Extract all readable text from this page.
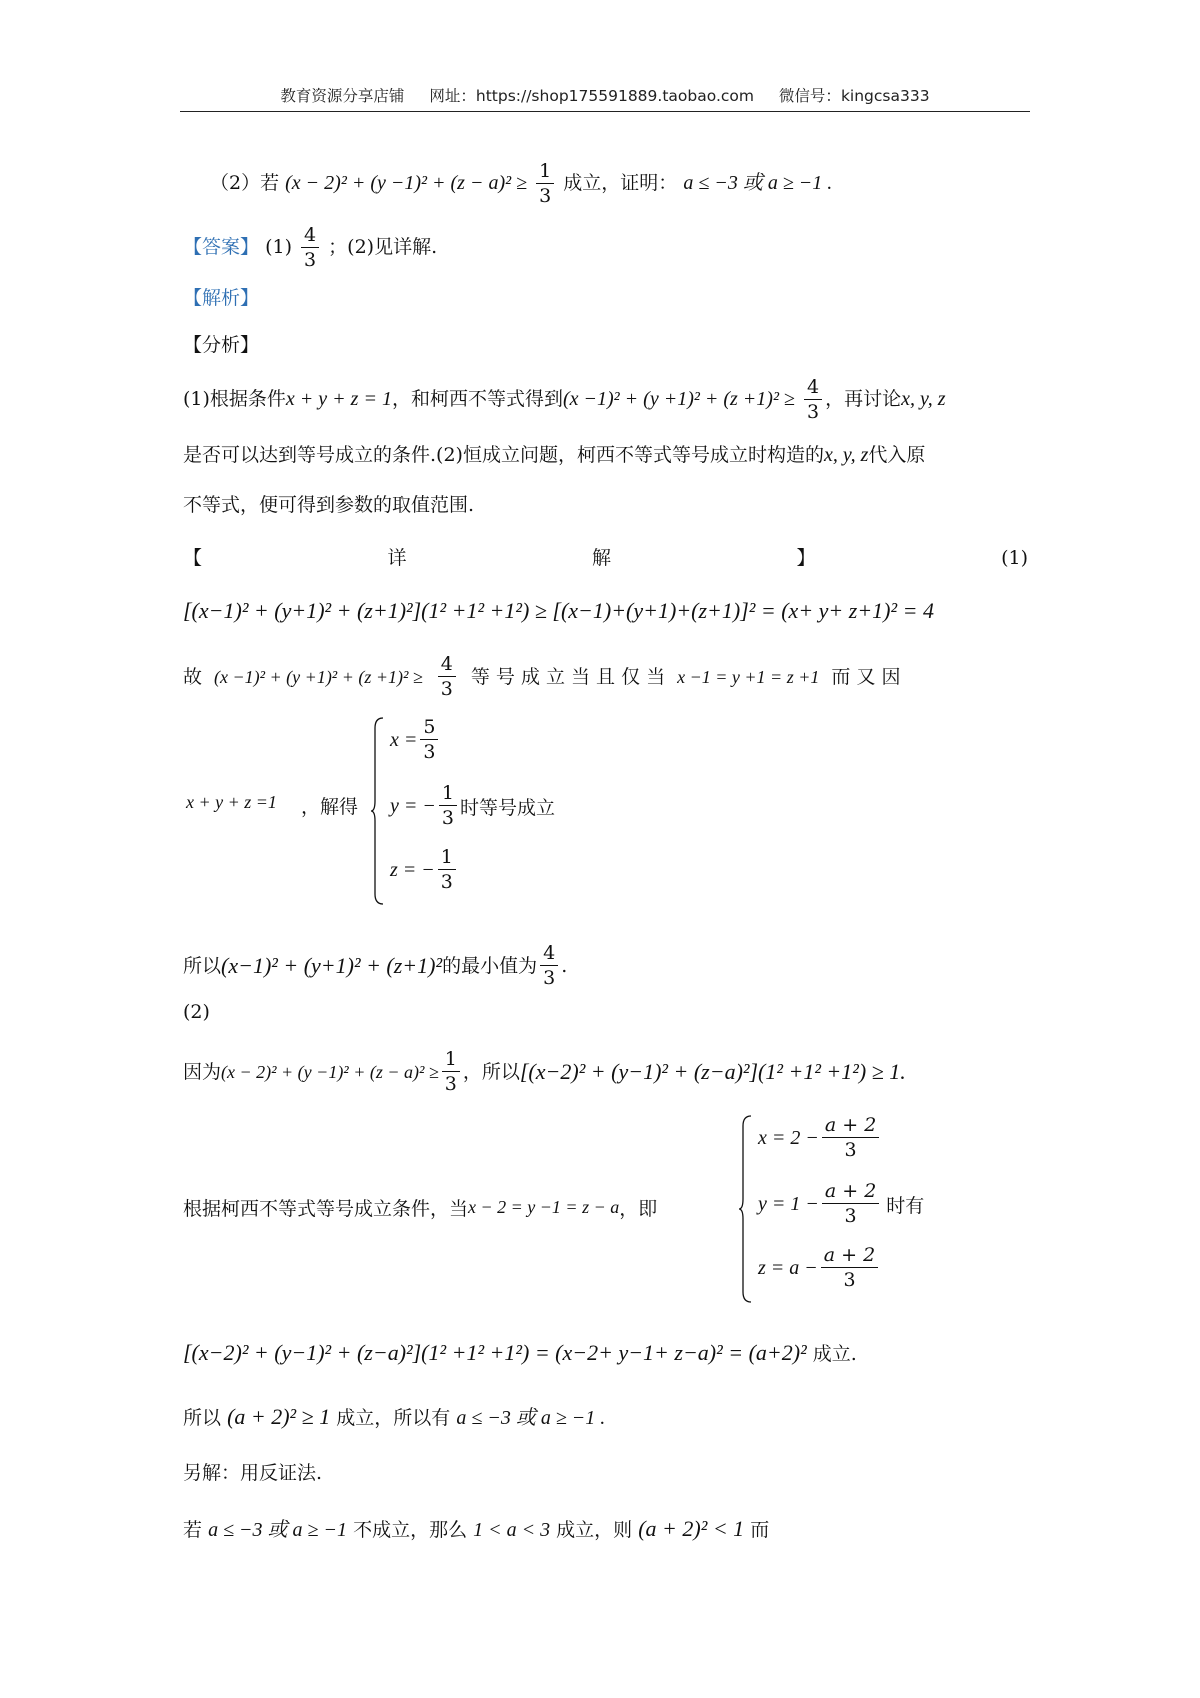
教育资源分享店铺 网址：https://shop175591889.taobao.com 微信号：kingcsa333
（2）若 $(x - 2)^2 + (y -1)^2 + (z - a)^2 \ge \frac{1}{3}$ 成立，证明： a ≤ −3 或 a ≥ −1 .
【答案】 $(1) \frac{4}{3}$ ；(2)见详解.
【解析】
【分析】
(1)根据条件x + y + z = 1，和柯西不等式得到$(x -1)^2 + (y +1)^2 + (z +1)^2 \ge \frac{4}{3}$ ，再讨论x, y, z
是否可以达到等号成立的条件.(2)恒成立问题，柯西不等式等号成立时构造的x, y, z代入原
不等式，便可得到参数的取值范围.
【	详	解	】	(1)
[(x−1)² + (y+1)² + (z+1)²](1² +1² +1²) ≥ [(x−1)+(y+1)+(z+1)]² = (x+ y+ z+1)² = 4
故 $(x -1)^2 + (y +1)^2 + (z +1)^2 \ge \frac{4}{3}$ 等 号 成 立 当 且 仅 当 x −1 = y +1 = z +1 而 又 因
x + y + z =1 ，解得
$x = \frac{5}{3}$
y = − $\frac{1}{3}$ 时等号成立
z = − $\frac{1}{3}$
所以 (x−1)² + (y+1)² + (z+1)² 的最小值为 $\frac{4}{3}$ .
(2)
因为 $(x - 2)^2 + (y -1)^2 + (z - a)^2 \ge \frac{1}{3}$ ，所以 [(x−2)² + (y−1)² + (z−a)²](1² +1² +1²) ≥ 1.
根据柯西不等式等号成立条件，当 x − 2 = y −1 = z − a ，即
$x = 2 - \frac{a + 2}{3}$
$y = 1 - \frac{a + 2}{3}$ 时有
$z = a - \frac{a + 2}{3}$
[(x−2)² + (y−1)² + (z−a)²](1² +1² +1²) = (x−2+ y−1+ z−a)² = (a+2)² 成立.
所以 (a + 2)² ≥ 1 成立，所以有 a ≤ −3 或 a ≥ −1 .
另解：用反证法.
若 a ≤ −3 或 a ≥ −1 不成立，那么 1 < a < 3 成立，则 (a + 2)² < 1 而
